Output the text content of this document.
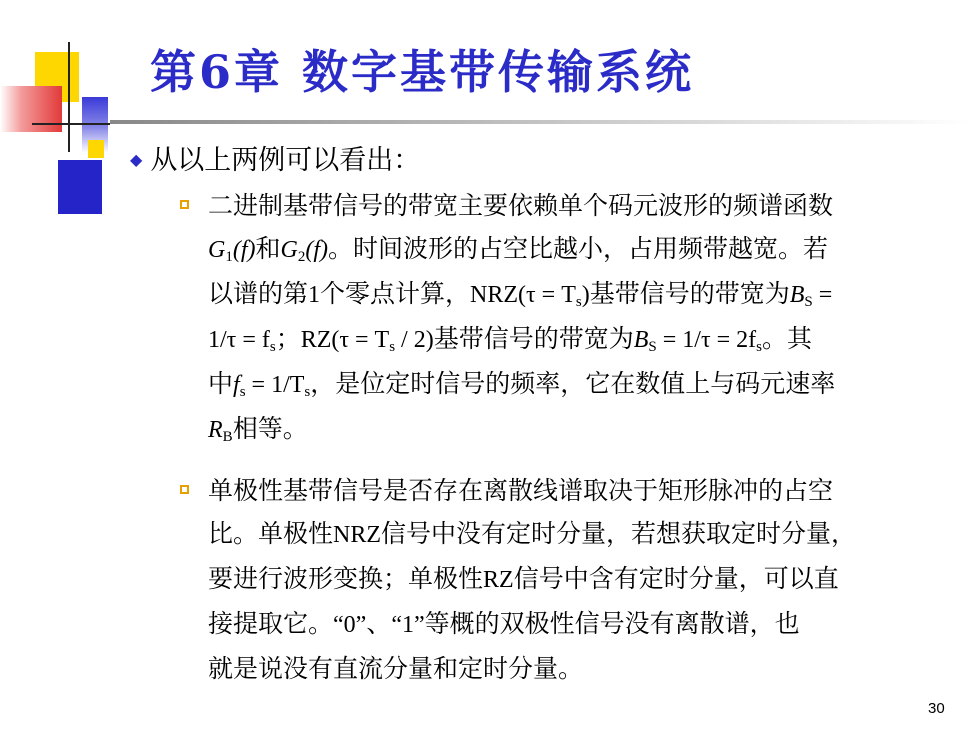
第6章 数字基带传输系统
◆ 从以上两例可以看出：
二进制基带信号的带宽主要依赖单个码元波形的频谱函数
$G_1(f)$和$G_2(f)$。时间波形的占空比越小，占用频带越宽。若
以谱的第1个零点计算，$NRZ(\tau = T_s)$基带信号的带宽为$B_S$ =
$1/\tau = f_s$；$RZ(\tau = T_s / 2)$基带信号的带宽为$B_S = 1/\tau = 2f_s$。其
中$f_s = 1/T_s$，是位定时信号的频率，它在数值上与码元速率
$R_B$相等。
单极性基带信号是否存在离散线谱取决于矩形脉冲的占空
比。单极性NRZ信号中没有定时分量，若想获取定时分量，
要进行波形变换；单极性RZ信号中含有定时分量，可以直
接提取它。“0”、“1”等概的双极性信号没有离散谱，也
就是说没有直流分量和定时分量。
30
